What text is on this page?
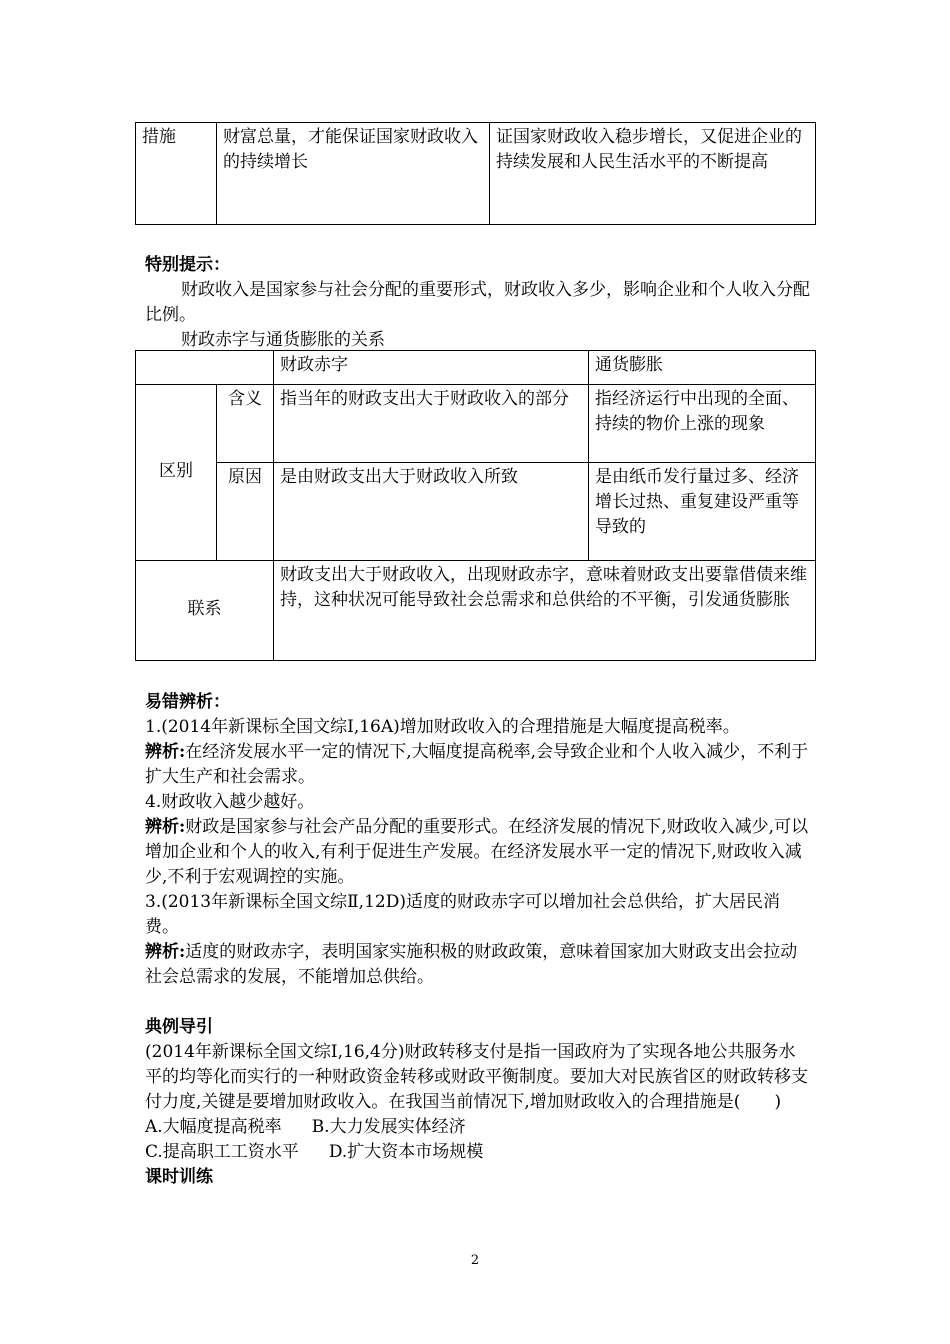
措施	财富总量，才能保证国家财政收入的持续增长	证国家财政收入稳步增长，又促进企业的持续发展和人民生活水平的不断提高

特别提示：

财政收入是国家参与社会分配的重要形式，财政收入多少，影响企业和个人收入分配比例。

财政赤字与通货膨胀的关系

		财政赤字	通货膨胀
区别	含义	指当年的财政支出大于财政收入的部分	指经济运行中出现的全面、持续的物价上涨的现象
	原因	是由财政支出大于财政收入所致	是由纸币发行量过多、经济增长过热、重复建设严重等导致的
联系		财政支出大于财政收入，出现财政赤字，意味着财政支出要靠借债来维持，这种状况可能导致社会总需求和总供给的不平衡，引发通货膨胀	

易错辨析：

1.(2014年新课标全国文综Ⅰ,16A)增加财政收入的合理措施是大幅度提高税率。

辨析:在经济发展水平一定的情况下,大幅度提高税率,会导致企业和个人收入减少，不利于扩大生产和社会需求。

4.财政收入越少越好。

辨析:财政是国家参与社会产品分配的重要形式。在经济发展的情况下,财政收入减少,可以增加企业和个人的收入,有利于促进生产发展。在经济发展水平一定的情况下,财政收入减少,不利于宏观调控的实施。

3.(2013年新课标全国文综Ⅱ,12D)适度的财政赤字可以增加社会总供给，扩大居民消费。

辨析:适度的财政赤字，表明国家实施积极的财政政策，意味着国家加大财政支出会拉动社会总需求的发展，不能增加总供给。

典例导引

(2014年新课标全国文综Ⅰ,16,4分)财政转移支付是指一国政府为了实现各地公共服务水平的均等化而实行的一种财政资金转移或财政平衡制度。要加大对民族省区的财政转移支付力度,关键是要增加财政收入。在我国当前情况下,增加财政收入的合理措施是(　　)

A.大幅度提高税率 B.大力发展实体经济

C.提高职工工资水平 D.扩大资本市场规模

课时训练

2
